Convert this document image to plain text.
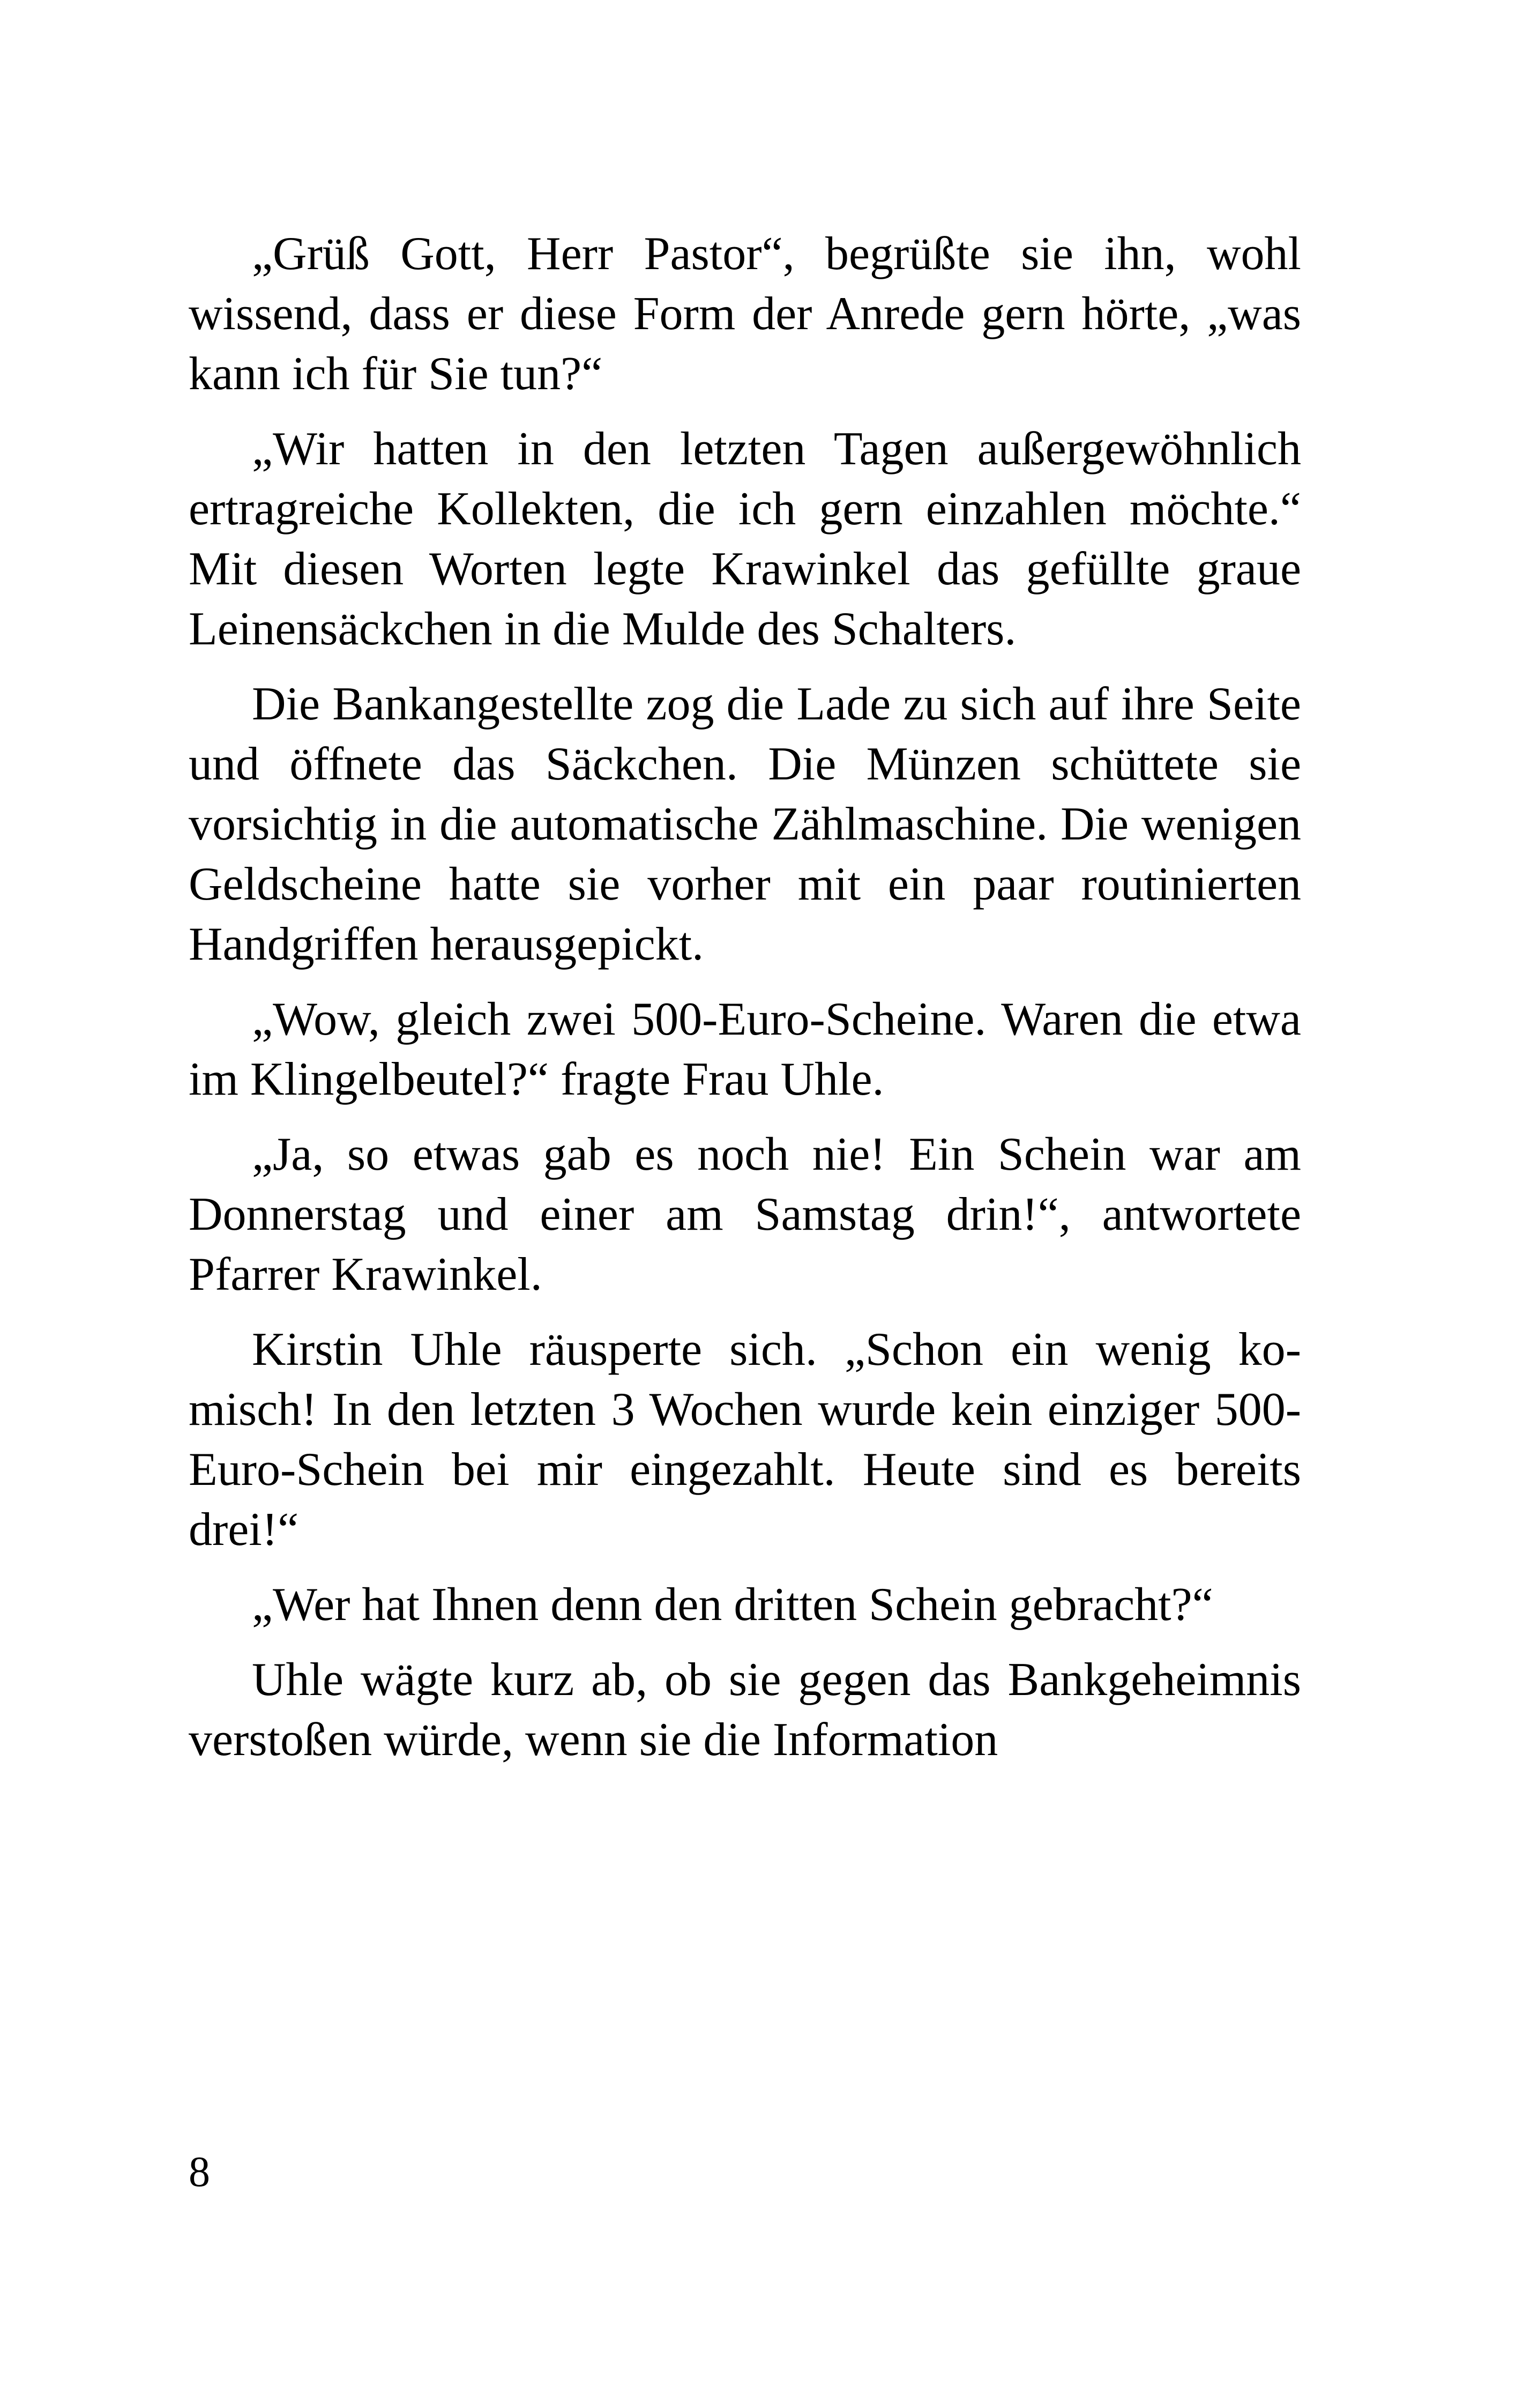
„Grüß Gott, Herr Pastor“, begrüßte sie ihn, wohl wissend, dass er diese Form der Anrede gern hörte, „was kann ich für Sie tun?“

„Wir hatten in den letzten Tagen außergewöhnlich ertragreiche Kollekten, die ich gern einzahlen möchte.“ Mit diesen Worten legte Krawinkel das gefüllte graue Leinensäckchen in die Mulde des Schalters.

Die Bankangestellte zog die Lade zu sich auf ihre Seite und öffnete das Säckchen. Die Münzen schüttete sie vorsichtig in die automatische Zählmaschine. Die wenigen Geldscheine hatte sie vorher mit ein paar routinierten Handgriffen herausgepickt.

„Wow, gleich zwei 500-Euro-Scheine. Waren die etwa im Klingelbeutel?“ fragte Frau Uhle.

„Ja, so etwas gab es noch nie! Ein Schein war am Donnerstag und einer am Samstag drin!“, antwortete Pfarrer Krawinkel.

Kirstin Uhle räusperte sich. „Schon ein wenig komisch! In den letzten 3 Wochen wurde kein einziger 500-Euro-Schein bei mir eingezahlt. Heute sind es bereits drei!“

„Wer hat Ihnen denn den dritten Schein gebracht?“

Uhle wägte kurz ab, ob sie gegen das Bankgeheimnis verstoßen würde, wenn sie die Information

8
